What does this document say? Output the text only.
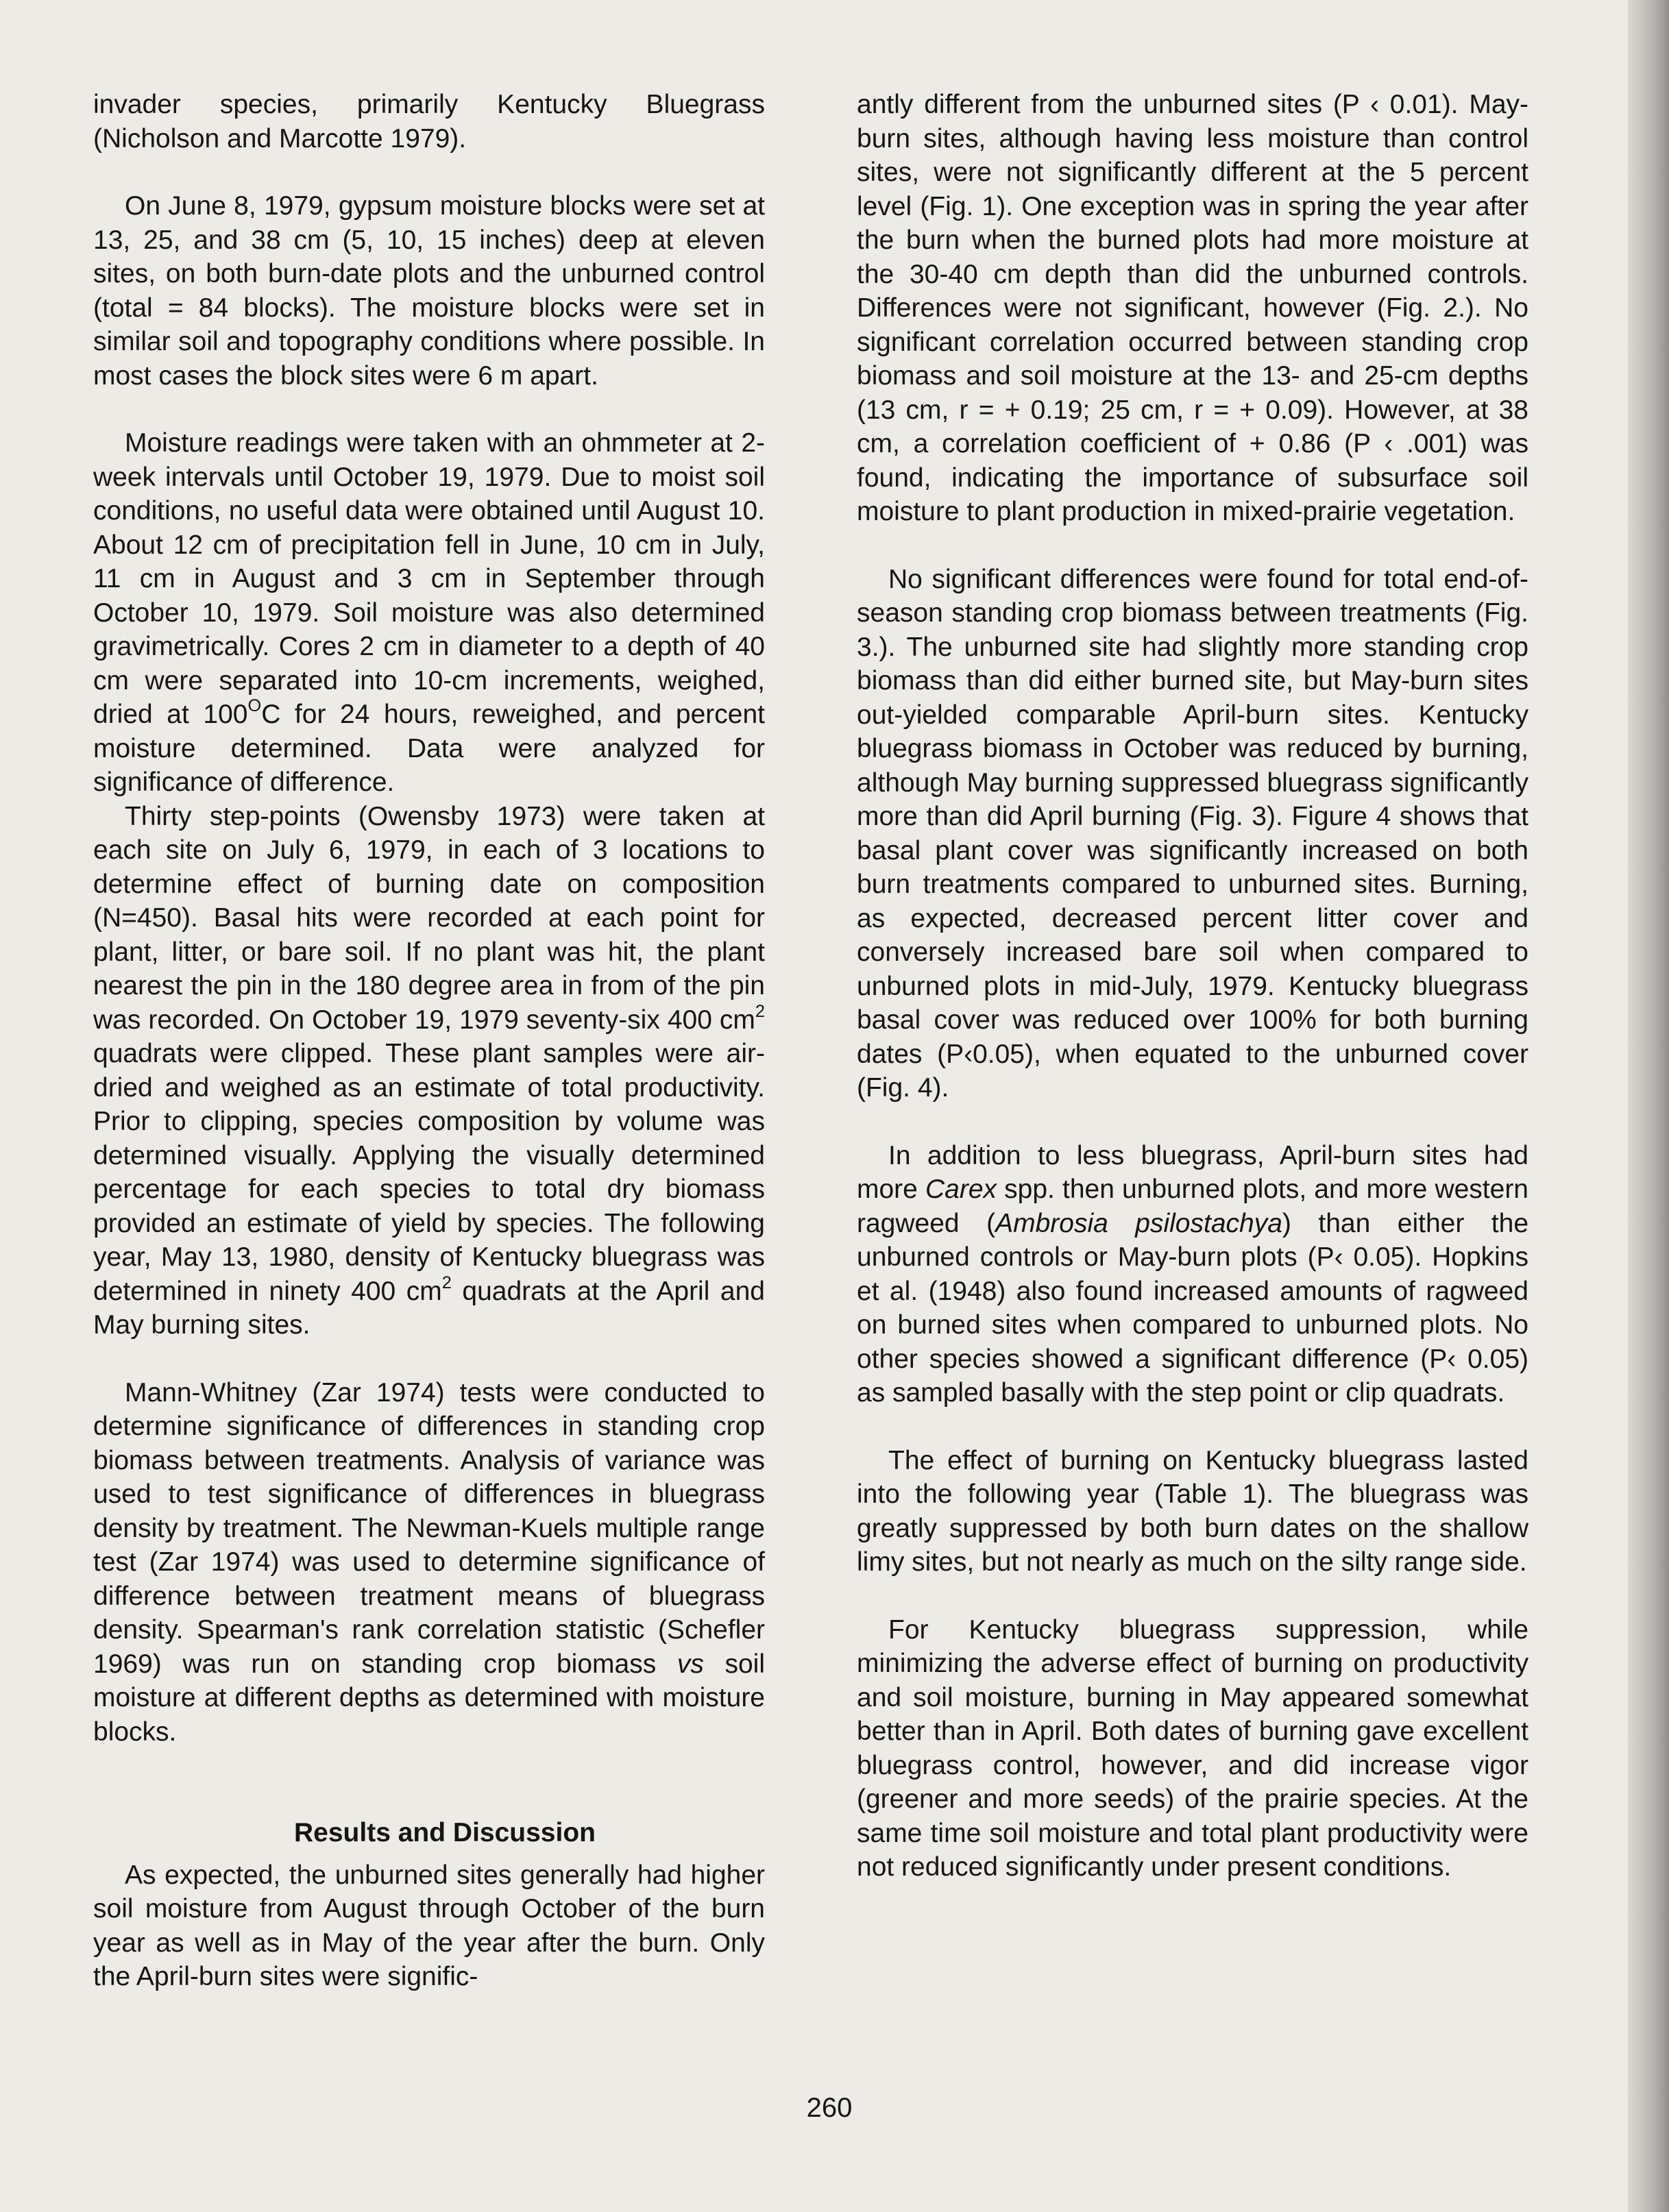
invader species, primarily Kentucky Bluegrass (Nicholson and Marcotte 1979).

On June 8, 1979, gypsum moisture blocks were set at 13, 25, and 38 cm (5, 10, 15 inches) deep at eleven sites, on both burn-date plots and the unburned control (total = 84 blocks). The moisture blocks were set in similar soil and topography conditions where possible. In most cases the block sites were 6 m apart.

Moisture readings were taken with an ohmmeter at 2-week intervals until October 19, 1979. Due to moist soil conditions, no useful data were obtained until August 10. About 12 cm of precipitation fell in June, 10 cm in July, 11 cm in August and 3 cm in September through October 10, 1979. Soil moisture was also determined gravimetrically. Cores 2 cm in diameter to a depth of 40 cm were separated into 10-cm increments, weighed, dried at $100^OC$ for 24 hours, reweighed, and percent moisture determined. Data were analyzed for significance of difference.

Thirty step-points (Owensby 1973) were taken at each site on July 6, 1979, in each of 3 locations to determine effect of burning date on composition (N=450). Basal hits were recorded at each point for plant, litter, or bare soil. If no plant was hit, the plant nearest the pin in the 180 degree area in from of the pin was recorded. On October 19, 1979 seventy-six 400 $cm^2$ quadrats were clipped. These plant samples were air-dried and weighed as an estimate of total productivity. Prior to clipping, species composition by volume was determined visually. Applying the visually determined percentage for each species to total dry biomass provided an estimate of yield by species. The following year, May 13, 1980, density of Kentucky bluegrass was determined in ninety 400 $cm^2$ quadrats at the April and May burning sites.

Mann-Whitney (Zar 1974) tests were conducted to determine significance of differences in standing crop biomass between treatments. Analysis of variance was used to test significance of differences in bluegrass density by treatment. The Newman-Kuels multiple range test (Zar 1974) was used to determine significance of difference between treatment means of bluegrass density. Spearman's rank correlation statistic (Schefler 1969) was run on standing crop biomass vs soil moisture at different depths as determined with moisture blocks.

Results and Discussion

As expected, the unburned sites generally had higher soil moisture from August through October of the burn year as well as in May of the year after the burn. Only the April-burn sites were signific-

antly different from the unburned sites (P ‹ 0.01). May-burn sites, although having less moisture than control sites, were not significantly different at the 5 percent level (Fig. 1). One exception was in spring the year after the burn when the burned plots had more moisture at the 30-40 cm depth than did the unburned controls. Differences were not significant, however (Fig. 2.). No significant correlation occurred between standing crop biomass and soil moisture at the 13- and 25-cm depths (13 cm, r = + 0.19; 25 cm, r = + 0.09). However, at 38 cm, a correlation coefficient of + 0.86 (P ‹ .001) was found, indicating the importance of subsurface soil moisture to plant production in mixed-prairie vegetation.

No significant differences were found for total end-of-season standing crop biomass between treatments (Fig. 3.). The unburned site had slightly more standing crop biomass than did either burned site, but May-burn sites out-yielded comparable April-burn sites. Kentucky bluegrass biomass in October was reduced by burning, although May burning suppressed bluegrass significantly more than did April burning (Fig. 3). Figure 4 shows that basal plant cover was significantly increased on both burn treatments compared to unburned sites. Burning, as expected, decreased percent litter cover and conversely increased bare soil when compared to unburned plots in mid-July, 1979. Kentucky bluegrass basal cover was reduced over 100% for both burning dates (P‹0.05), when equated to the unburned cover (Fig. 4).

In addition to less bluegrass, April-burn sites had more Carex spp. then unburned plots, and more western ragweed (Ambrosia psilostachya) than either the unburned controls or May-burn plots (P‹ 0.05). Hopkins et al. (1948) also found increased amounts of ragweed on burned sites when compared to unburned plots. No other species showed a significant difference (P‹ 0.05) as sampled basally with the step point or clip quadrats.

The effect of burning on Kentucky bluegrass lasted into the following year (Table 1). The bluegrass was greatly suppressed by both burn dates on the shallow limy sites, but not nearly as much on the silty range side.

For Kentucky bluegrass suppression, while minimizing the adverse effect of burning on productivity and soil moisture, burning in May appeared somewhat better than in April. Both dates of burning gave excellent bluegrass control, however, and did increase vigor (greener and more seeds) of the prairie species. At the same time soil moisture and total plant productivity were not reduced significantly under present conditions.

260
